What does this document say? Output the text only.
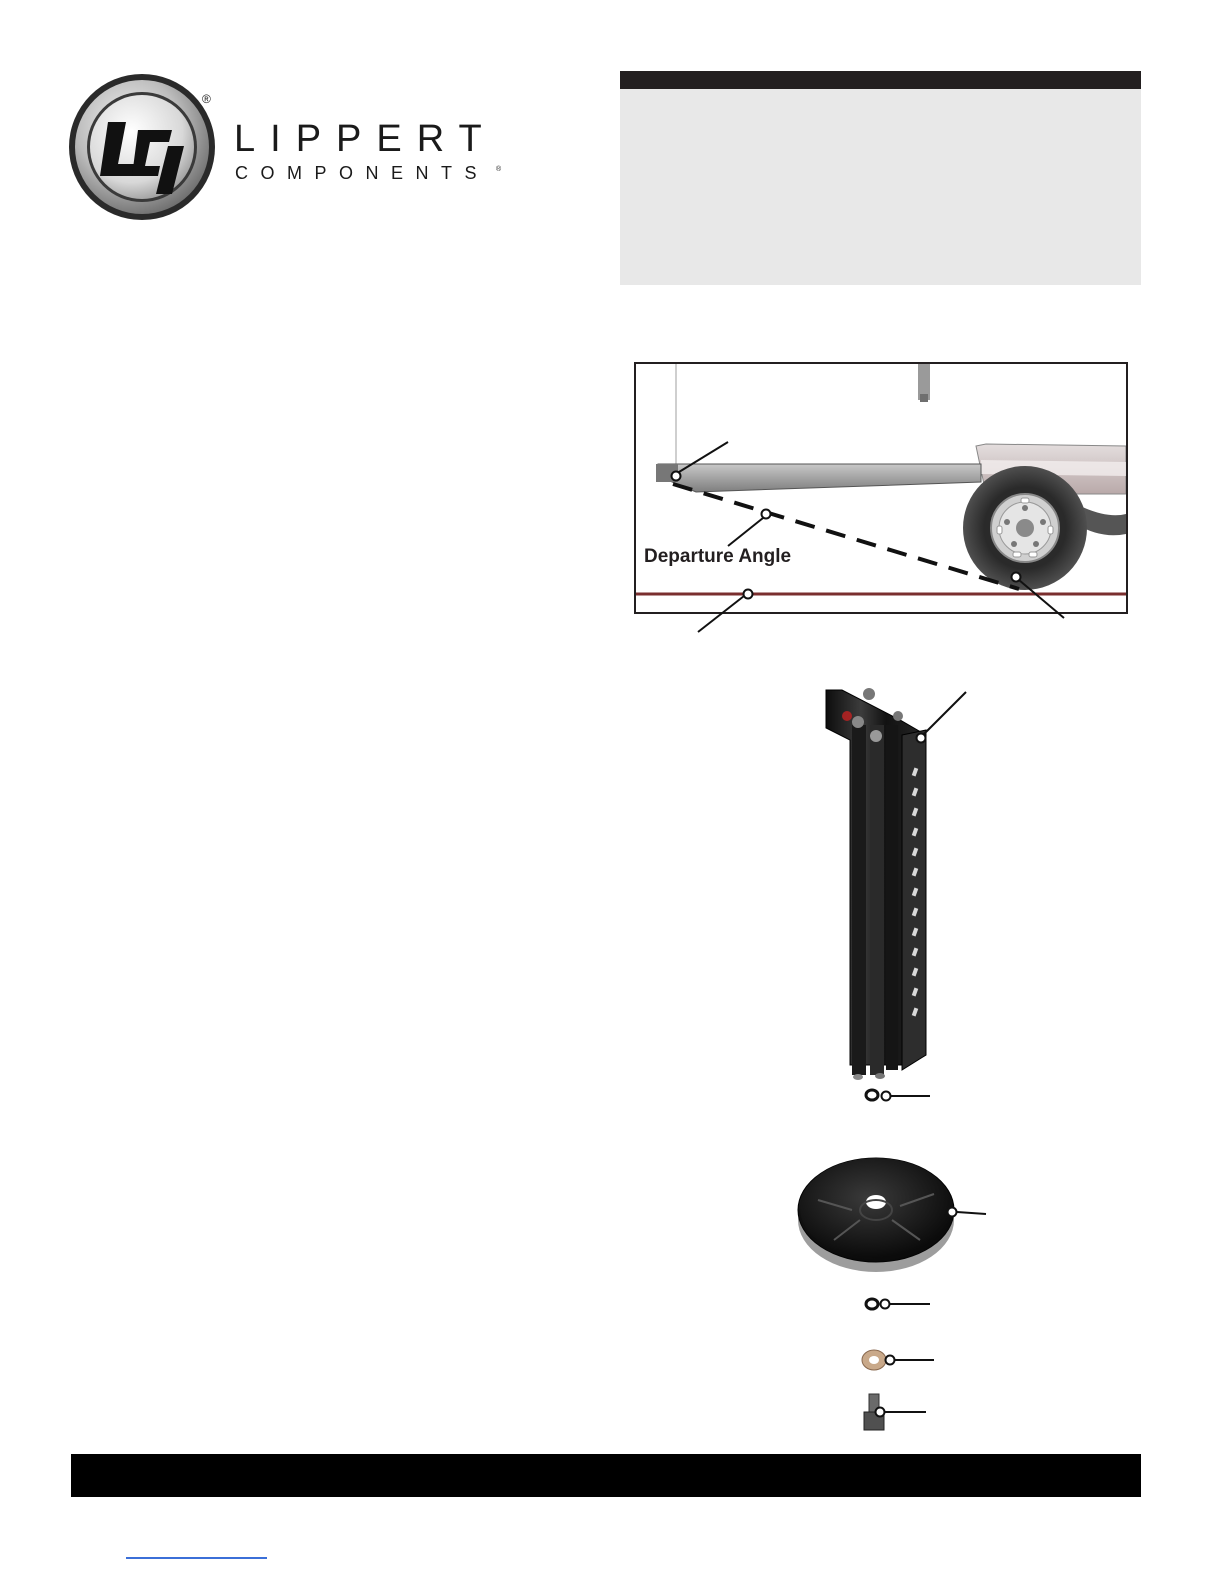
®
LIPPERT
COMPONENTS ®
Departure Angle
